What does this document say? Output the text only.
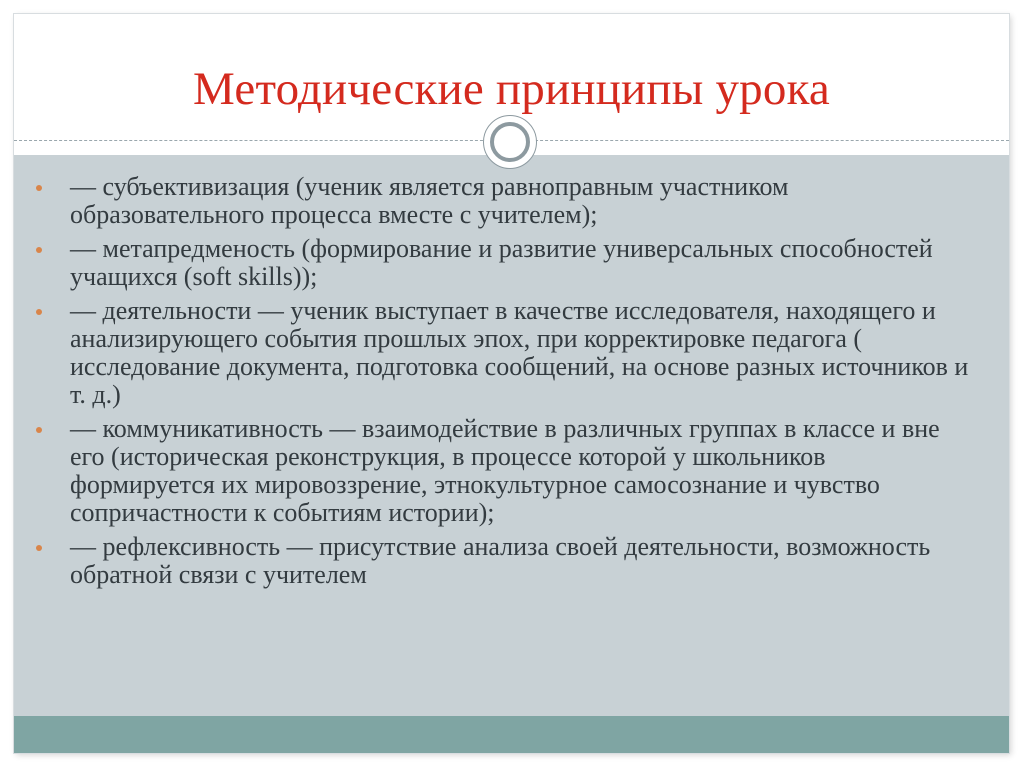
Методические принципы урока
— субъективизация (ученик является равноправным участником образовательного процесса вместе с учителем);
— метапредменость (формирование и развитие универсальных способностей учащихся (soft skills));
— деятельности — ученик выступает в качестве исследователя, находящего и анализирующего события прошлых эпох, при корректировке педагога ( исследование документа, подготовка сообщений, на основе разных источников и т. д.)
— коммуникативность — взаимодействие в различных группах в классе и вне его (историческая реконструкция, в процессе которой у школьников формируется их мировоззрение, этнокультурное самосознание и чувство сопричастности к событиям истории);
— рефлексивность — присутствие анализа своей деятельности, возможность обратной связи с учителем
